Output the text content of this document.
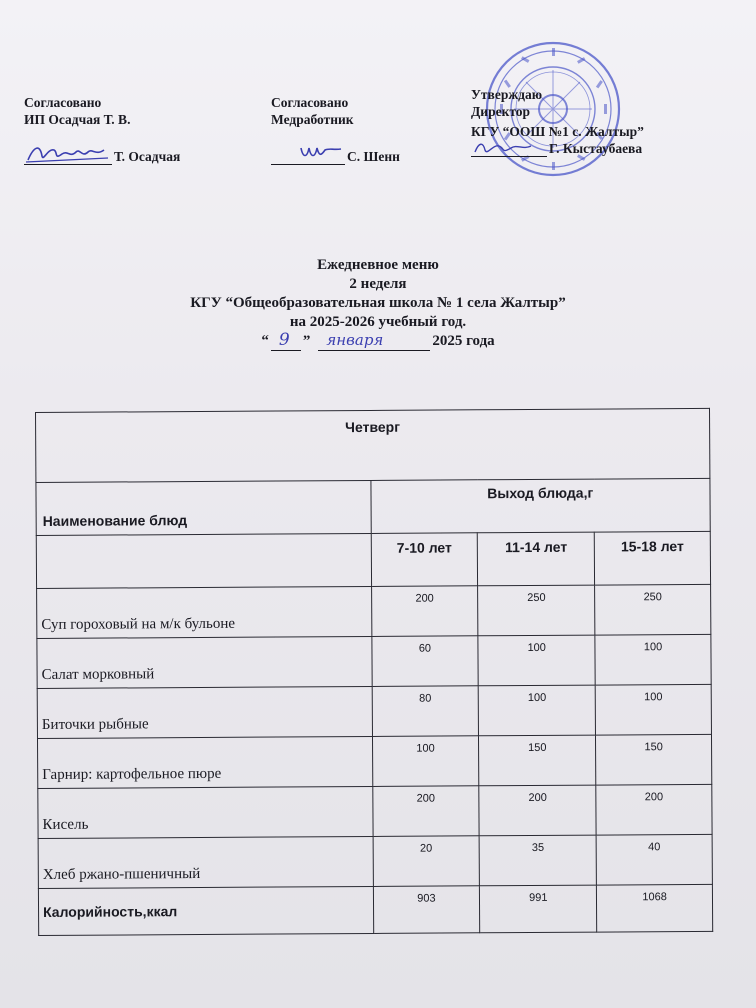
Согласовано
ИП Осадчая Т. В.
Т. Осадчая
Согласовано
Медработник
С. Шенн
Утверждаю
Директор
КГУ “ООШ №1 с. Жалтыр”
Г. Кыстаубаева
Ежедневное меню
2 неделя
КГУ “Общеобразовательная школа № 1 села Жалтыр”
на 2025-2026 учебный год.
“ 9 ” января	2025 года
Четверг			
Наименование блюд	Выход блюда,г		
	7-10 лет	11-14 лет	15-18 лет
Суп гороховый на м/к бульоне	200	250	250
Салат морковный	60	100	100
Биточки рыбные	80	100	100
Гарнир: картофельное пюре	100	150	150
Кисель	200	200	200
Хлеб ржано-пшеничный	20	35	40
Калорийность,ккал	903	991	1068
